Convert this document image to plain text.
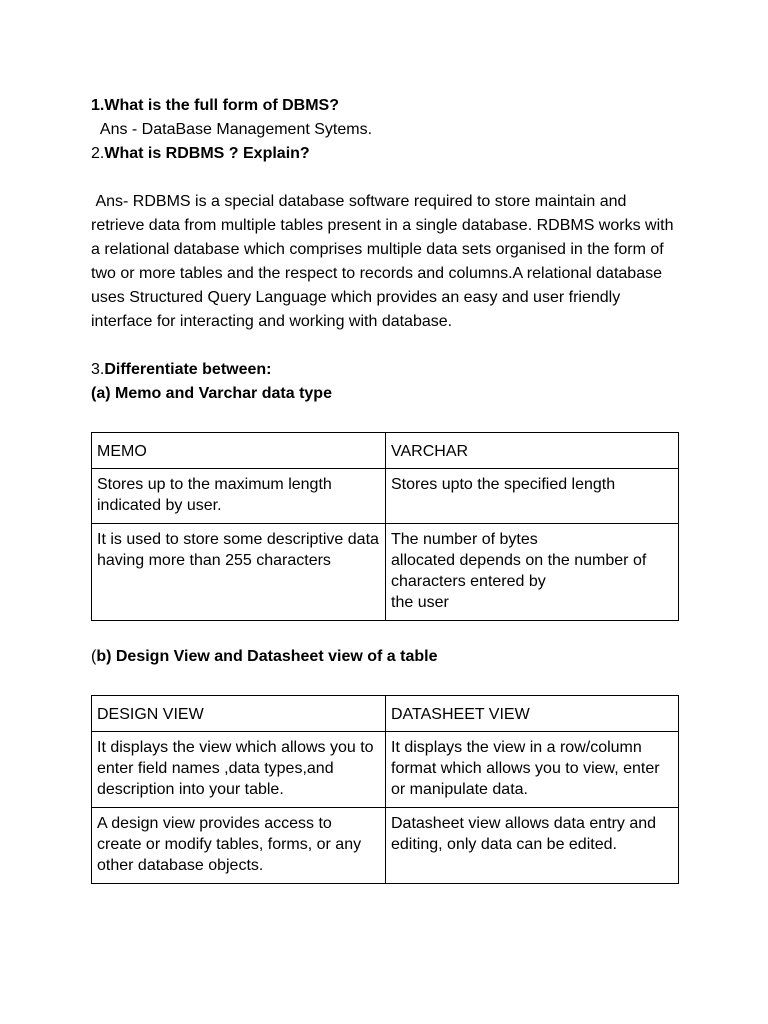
1.What is the full form of DBMS?
Ans - DataBase Management Sytems.
2.What is RDBMS ? Explain?
Ans- RDBMS is a special database software required to store maintain and retrieve data from multiple tables present in a single database. RDBMS works with a relational database which comprises multiple data sets organised in the form of two or more tables and the respect to records and columns.A relational database uses Structured Query Language which provides an easy and user friendly interface for interacting and working with database.
3.Differentiate between:
(a) Memo and Varchar data type
MEMO	VARCHAR
Stores up to the maximum length indicated by user.	Stores upto the specified length
It is used to store some descriptive data having more than 255 characters	The number of bytes
allocated depends on the number of characters entered by
the user
(b) Design View and Datasheet view of a table
DESIGN VIEW	DATASHEET VIEW
It displays the view which allows you to enter field names ,data types,and description into your table.	It displays the view in a row/column format which allows you to view, enter or manipulate data.
A design view provides access to create or modify tables, forms, or any other database objects.	Datasheet view allows data entry and editing, only data can be edited.
